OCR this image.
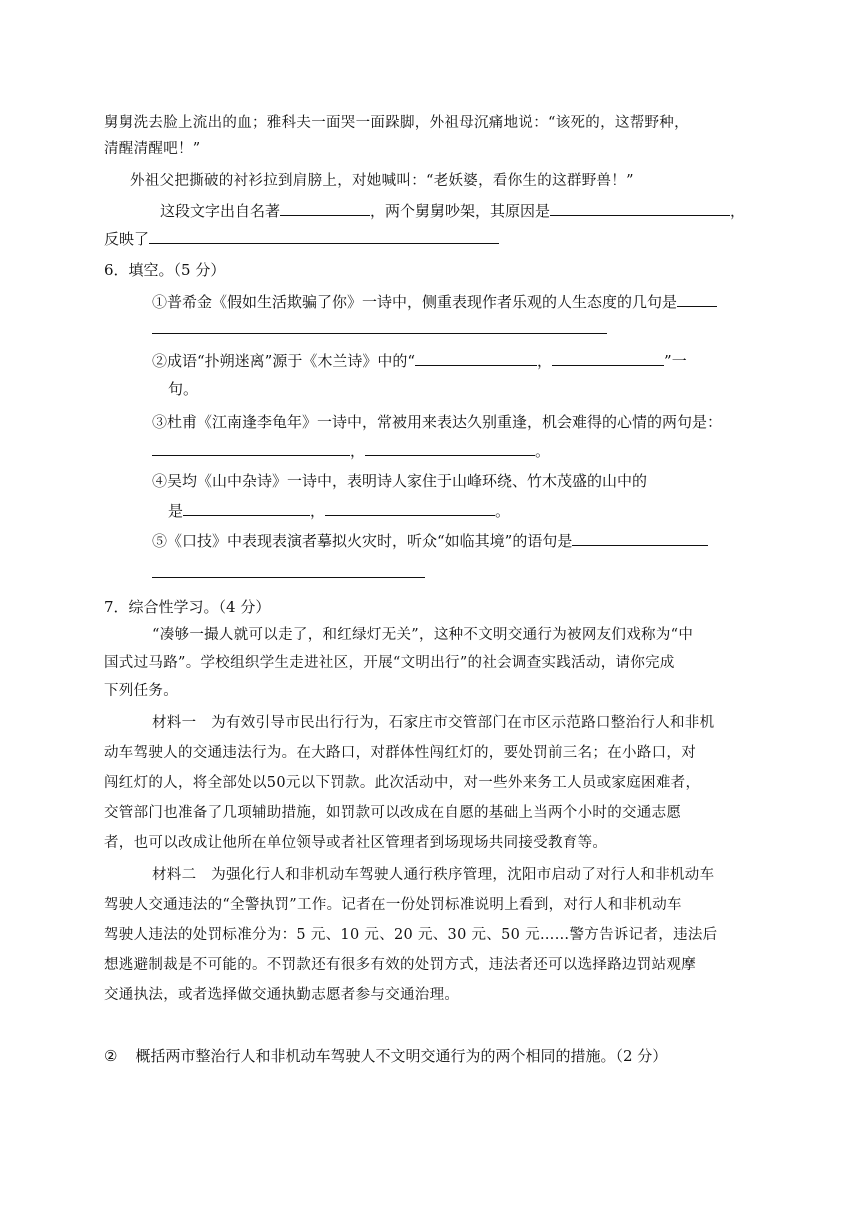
舅舅洗去脸上流出的血；雅科夫一面哭一面跺脚，外祖母沉痛地说：“该死的，这帮野种，
清醒清醒吧！”
外祖父把撕破的衬衫拉到肩膀上，对她喊叫：“老妖婆，看你生的这群野兽！”
这段文字出自名著	，两个舅舅吵架，其原因是	，
反映了
6．填空。（5 分）
①普希金《假如生活欺骗了你》一诗中，侧重表现作者乐观的人生态度的几句是
②成语“扑朔迷离”源于《木兰诗》中的“	，	”一
句。
③杜甫《江南逢李龟年》一诗中，常被用来表达久别重逢，机会难得的心情的两句是：
，	。
④吴均《山中杂诗》一诗中，表明诗人家住于山峰环绕、竹木茂盛的山中的
是	，	。
⑤《口技》中表现表演者摹拟火灾时，听众“如临其境”的语句是
7．综合性学习。（4 分）
“凑够一撮人就可以走了，和红绿灯无关”，这种不文明交通行为被网友们戏称为“中
国式过马路”。学校组织学生走进社区，开展“文明出行”的社会调查实践活动，请你完成
下列任务。
材料一　为有效引导市民出行行为，石家庄市交管部门在市区示范路口整治行人和非机
动车驾驶人的交通违法行为。在大路口，对群体性闯红灯的，要处罚前三名；在小路口，对
闯红灯的人，将全部处以50元以下罚款。此次活动中，对一些外来务工人员或家庭困难者，
交管部门也准备了几项辅助措施，如罚款可以改成在自愿的基础上当两个小时的交通志愿
者，也可以改成让他所在单位领导或者社区管理者到场现场共同接受教育等。
材料二　为强化行人和非机动车驾驶人通行秩序管理，沈阳市启动了对行人和非机动车
驾驶人交通违法的“全警执罚”工作。记者在一份处罚标准说明上看到，对行人和非机动车
驾驶人违法的处罚标准分为：5 元、10 元、20 元、30 元、50 元……警方告诉记者，违法后
想逃避制裁是不可能的。不罚款还有很多有效的处罚方式，违法者还可以选择路边罚站观摩
交通执法，或者选择做交通执勤志愿者参与交通治理。
② 概括两市整治行人和非机动车驾驶人不文明交通行为的两个相同的措施。（2 分）
